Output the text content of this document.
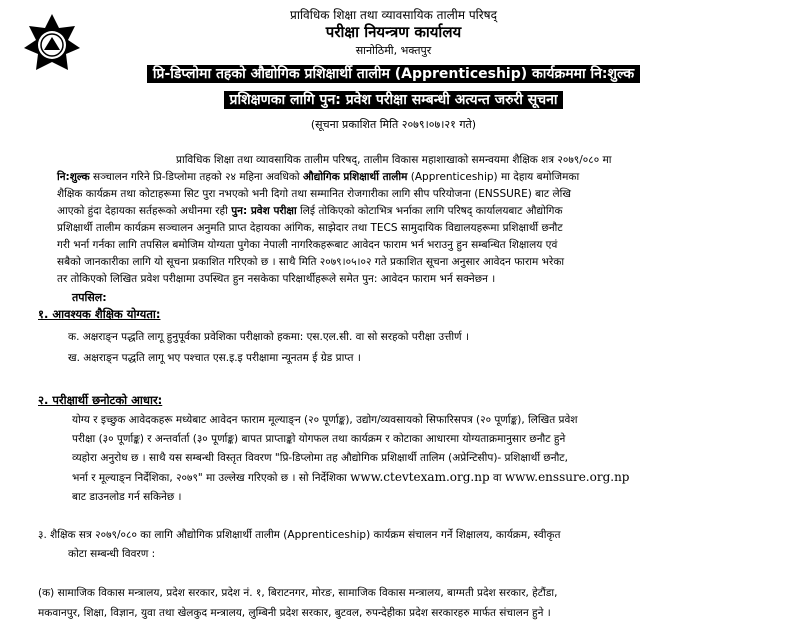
प्राविधिक शिक्षा तथा व्यावसायिक तालीम परिषद्
परीक्षा नियन्त्रण कार्यालय
सानोठिमी, भक्तपुर
प्रि-डिप्लोमा तहको औद्योगिक प्रशिक्षार्थी तालीम (Apprenticeship) कार्यक्रममा नि:शुल्क
प्रशिक्षणका लागि पुन: प्रवेश परीक्षा सम्बन्धी अत्यन्त जरुरी सूचना
(सूचना प्रकाशित मिति २०७९।०७।२१ गते)
प्राविधिक शिक्षा तथा व्यावसायिक तालीम परिषद्, तालीम विकास महाशाखाको समन्वयमा शैक्षिक शत्र २०७९/०८० मा
नि:शुल्क सञ्चालन गरिने प्रि-डिप्लोमा तहको २४ महिना अवधिको औद्योगिक प्रशिक्षार्थी तालीम (Apprenticeship) मा देहाय बमोजिमका
शैक्षिक कार्यक्रम तथा कोटाहरूमा सिट पुरा नभएको भनी दिगो तथा सम्मानित रोजगारीका लागि सीप परियोजना (ENSSURE) बाट लेखि
आएको हुंदा देहायका सर्तहरूको अधीनमा रही पुन: प्रवेश परीक्षा लिई तोकिएको कोटाभित्र भर्नाका लागि परिषद् कार्यालयबाट औद्योगिक
प्रशिक्षार्थी तालीम कार्यक्रम सञ्चालन अनुमति प्राप्त देहायका आंगिक, साझेदार तथा TECS सामुदायिक विद्यालयहरूमा प्रशिक्षार्थी छनौट
गरी भर्ना गर्नका लागि तपसिल बमोजिम योग्यता पुगेका नेपाली नागरिकहरूबाट आवेदन फाराम भर्न भराउनु हुन सम्बन्धित शिक्षालय एवं
सबैको जानकारीका लागि यो सूचना प्रकाशित गरिएको छ । साथै मिति २०७९।०५।०२ गते प्रकाशित सूचना अनुसार आवेदन फाराम भरेका
तर तोकिएको लिखित प्रवेश परीक्षामा उपस्थित हुन नसकेका परिक्षार्थीहरूले समेत पुन: आवेदन फाराम भर्न सक्नेछन ।
तपसिल:
१. आवश्यक शैक्षिक योग्यता:
क. अक्षराङ्न पद्धति लागू हुनुपूर्वका प्रवेशिका परीक्षाको हकमा: एस.एल.सी. वा सो सरहको परीक्षा उत्तीर्ण ।
ख. अक्षराङ्न पद्धति लागू भए पश्चात एस.इ.इ परीक्षामा न्यूनतम ई ग्रेड प्राप्त ।
२. परीक्षार्थी छनोटको आधार:
योग्य र इच्छुक आवेदकहरू मध्येबाट आवेदन फाराम मूल्याङ्न (२० पूर्णाङ्क), उद्योग/व्यवसायको सिफारिसपत्र (२० पूर्णाङ्क), लिखित प्रवेश
परीक्षा (३० पूर्णाङ्क) र अन्तर्वार्ता (३० पूर्णाङ्क) बापत प्राप्ताङ्को योगफल तथा कार्यक्रम र कोटाका आधारमा योग्यताक्रमानुसार छनौट हुने
व्यहोरा अनुरोध छ । साथै यस सम्बन्धी विस्तृत विवरण "प्रि-डिप्लोमा तह औद्योगिक प्रशिक्षार्थी तालिम (अप्रेन्टिसीप)- प्रशिक्षार्थी छनौट,
भर्ना र मूल्याङ्न निर्देशिका, २०७९" मा उल्लेख गरिएको छ । सो निर्देशिका www.ctevtexam.org.np वा www.enssure.org.np
बाट डाउनलोड गर्न सकिनेछ ।
३. शैक्षिक सत्र २०७९/०८० का लागि औद्योगिक प्रशिक्षार्थी तालीम (Apprenticeship) कार्यक्रम संचालन गर्ने शिक्षालय, कार्यक्रम, स्वीकृत
कोटा सम्बन्धी विवरण :
(क) सामाजिक विकास मन्त्रालय, प्रदेश सरकार, प्रदेश नं. १, बिराटनगर, मोरङ, सामाजिक विकास मन्त्रालय, बाग्मती प्रदेश सरकार, हेटौंडा,
मकवानपुर, शिक्षा, विज्ञान, युवा तथा खेलकुद मन्त्रालय, लुम्बिनी प्रदेश सरकार, बुटवल, रुपन्देहीका प्रदेश सरकारहरु मार्फत संचालन हुने ।
